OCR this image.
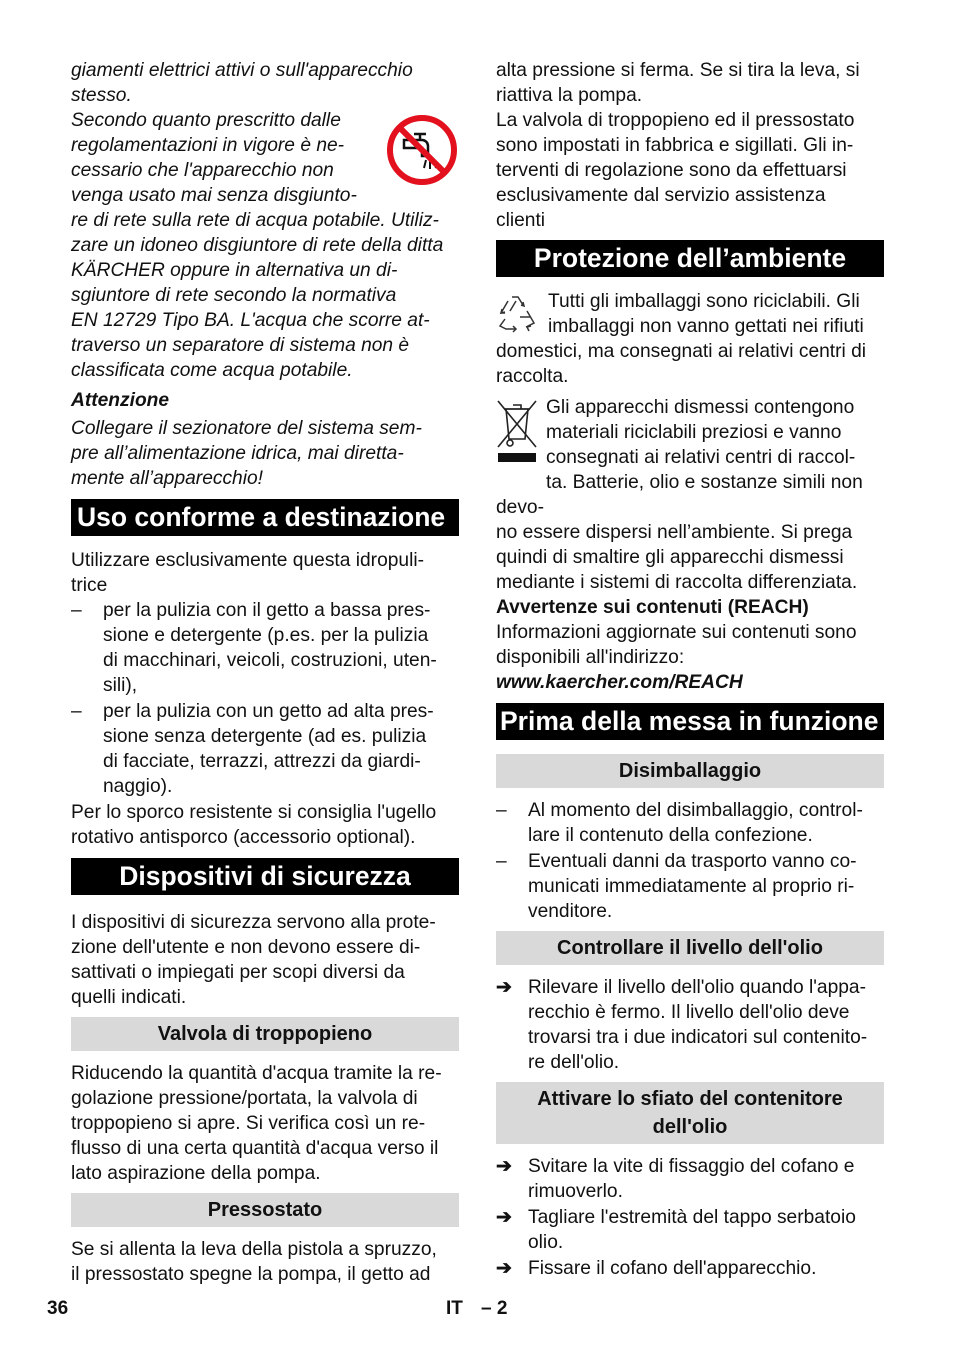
giamenti elettrici attivi o sull'apparecchio

stesso.

Secondo quanto prescritto dalle

regolamentazioni in vigore è ne-

cessario che l'apparecchio non

venga usato mai senza disgiunto-

re di rete sulla rete di acqua potabile. Utiliz-

zare un idoneo disgiuntore di rete della ditta

KÄRCHER oppure in alternativa un di-

sgiuntore di rete secondo la normativa

EN 12729 Tipo BA. L'acqua che scorre at-

traverso un separatore di sistema non è

classificata come acqua potabile.

Attenzione

Collegare il sezionatore del sistema sem-

pre all’alimentazione idrica, mai diretta-

mente all’apparecchio!

Uso conforme a destinazione

Utilizzare esclusivamente questa idropuli-

trice

–	per la pulizia con il getto a bassa pres-

sione e detergente (p.es. per la pulizia

di macchinari, veicoli, costruzioni, uten-

sili),

–	per la pulizia con un getto ad alta pres-

sione senza detergente (ad es. pulizia

di facciate, terrazzi, attrezzi da giardi-

naggio).

Per lo sporco resistente si consiglia l'ugello

rotativo antisporco (accessorio optional).

Dispositivi di sicurezza

I dispositivi di sicurezza servono alla prote-

zione dell'utente e non devono essere di-

sattivati o impiegati per scopi diversi da

quelli indicati.

Valvola di troppopieno

Riducendo la quantità d'acqua tramite la re-

golazione pressione/portata, la valvola di

troppopieno si apre. Si verifica così un re-

flusso di una certa quantità d'acqua verso il

lato aspirazione della pompa.

Pressostato

Se si allenta la leva della pistola a spruzzo,

il pressostato spegne la pompa, il getto ad

alta pressione si ferma. Se si tira la leva, si

riattiva la pompa.

La valvola di troppopieno ed il pressostato

sono impostati in fabbrica e sigillati. Gli in-

terventi di regolazione sono da effettuarsi

esclusivamente dal servizio assistenza

clienti

Protezione dell’ambiente

Tutti gli imballaggi sono riciclabili. Gli

imballaggi non vanno gettati nei rifiuti

domestici, ma consegnati ai relativi centri di

raccolta.

Gli apparecchi dismessi contengono

materiali riciclabili preziosi e vanno

consegnati ai relativi centri di raccol-

ta. Batterie, olio e sostanze simili non devo-

no essere dispersi nell’ambiente. Si prega

quindi di smaltire gli apparecchi dismessi

mediante i sistemi di raccolta differenziata.

Avvertenze sui contenuti (REACH)

Informazioni aggiornate sui contenuti sono

disponibili all'indirizzo:

www.kaercher.com/REACH

Prima della messa in funzione
Disimballaggio
–	Al momento del disimballaggio, control-

lare il contenuto della confezione.

–	Eventuali danni da trasporto vanno co-

municati immediatamente al proprio ri-

venditore.

Controllare il livello dell'olio
➔ Rilevare il livello dell'olio quando l'appa-

recchio è fermo. Il livello dell'olio deve

trovarsi tra i due indicatori sul contenito-

re dell'olio.

Attivare lo sfiato del contenitore
dell'olio
➔ Svitare la vite di fissaggio del cofano e

rimuoverlo.

➔ Tagliare l'estremità del tappo serbatoio

olio.

➔ Fissare il cofano dell'apparecchio.

36	IT – 2
